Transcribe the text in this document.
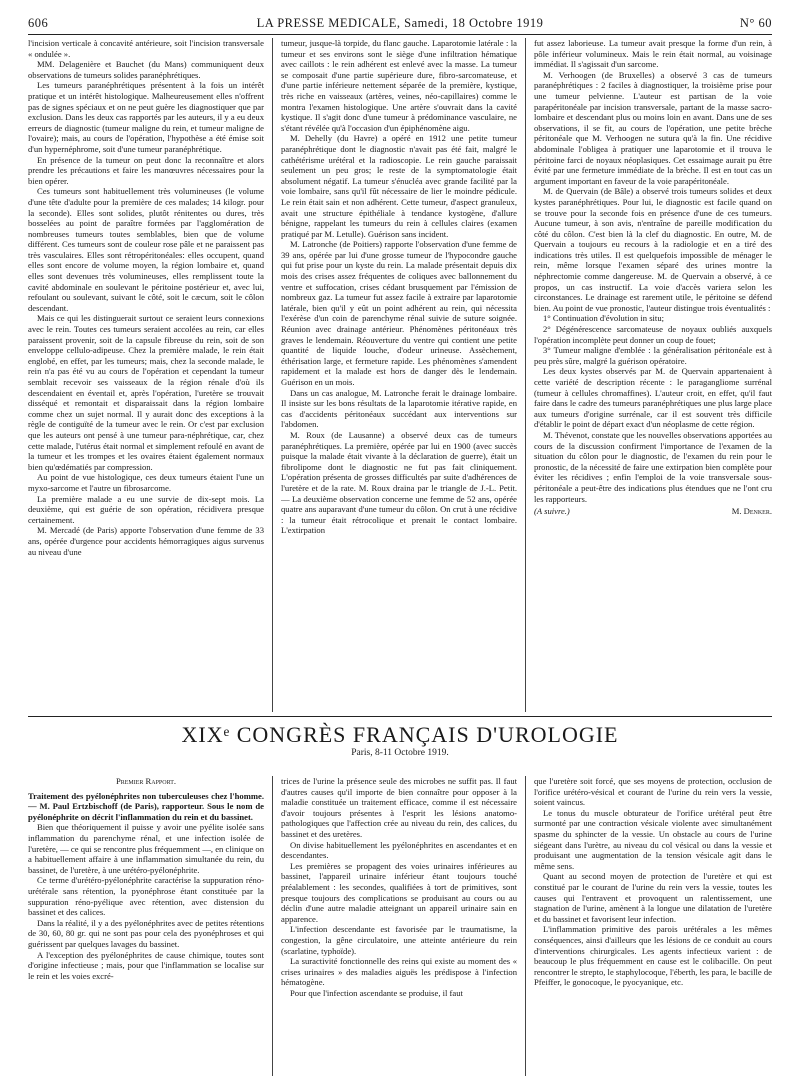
606	LA PRESSE MEDICALE, Samedi, 18 Octobre 1919	N° 60

l'incision verticale à concavité antérieure, soit l'incision transversale « ondulée ».

MM. Delagenière et Bauchet (du Mans) communiquent deux observations de tumeurs solides paranéphrétiques.

Les tumeurs paranéphrétiques présentent à la fois un intérêt pratique et un intérêt histologique. Malheureusement elles n'offrent pas de signes spéciaux et on ne peut guère les diagnostiquer que par exclusion. Dans les deux cas rapportés par les auteurs, il y a eu deux erreurs de diagnostic (tumeur maligne du rein, et tumeur maligne de l'ovaire); mais, au cours de l'opération, l'hypothèse a été émise soit d'un hypernéphrome, soit d'une tumeur paranéphrétique.

En présence de la tumeur on peut donc la reconnaître et alors prendre les précautions et faire les manœuvres nécessaires pour la bien opérer.

Ces tumeurs sont habituellement très volumineuses (le volume d'une tête d'adulte pour la première de ces malades; 14 kilogr. pour la seconde). Elles sont solides, plutôt rénitentes ou dures, très bosselées au point de paraître formées par l'agglomération de nombreuses tumeurs toutes semblables, bien que de volume différent. Ces tumeurs sont de couleur rose pâle et ne paraissent pas très vasculaires. Elles sont rétropéritonéales: elles occupent, quand elles sont encore de volume moyen, la région lombaire et, quand elles sont devenues très volumineuses, elles remplissent toute la cavité abdominale en soulevant le péritoine postérieur et, avec lui, refoulant ou soulevant, suivant le côté, soit le cæcum, soit le côlon descendant.

Mais ce qui les distinguerait surtout ce seraient leurs connexions avec le rein. Toutes ces tumeurs seraient accolées au rein, car elles paraissent provenir, soit de la capsule fibreuse du rein, soit de son enveloppe cellulo-adipeuse. Chez la première malade, le rein était englobé, en effet, par les tumeurs; mais, chez la seconde malade, le rein n'a pas été vu au cours de l'opération et cependant la tumeur semblait recevoir ses vaisseaux de la région rénale d'où ils descendaient en éventail et, après l'opération, l'uretère se trouvait disséqué et remontait et disparaissait dans la région lombaire comme chez un sujet normal. Il y aurait donc des exceptions à la règle de contiguïté de la tumeur avec le rein. Or c'est par exclusion que les auteurs ont pensé à une tumeur para-néphrétique, car, chez cette malade, l'utérus était normal et simplement refoulé en avant de la tumeur et les trompes et les ovaires étaient également normaux bien qu'œdématiés par compression.

Au point de vue histologique, ces deux tumeurs étaient l'une un myxo-sarcome et l'autre un fibrosarcome.

La première malade a eu une survie de dix-sept mois. La deuxième, qui est guérie de son opération, récidivera presque certainement.

M. Mercadé (de Paris) apporte l'observation d'une femme de 33 ans, opérée d'urgence pour accidents hémorragiques aigus survenus au niveau d'une

tumeur, jusque-là torpide, du flanc gauche. Laparotomie latérale : la tumeur et ses environs sont le siège d'une infiltration hématique avec caillots : le rein adhérent est enlevé avec la masse. La tumeur se composait d'une partie supérieure dure, fibro-sarcomateuse, et d'une partie inférieure nettement séparée de la première, kystique, très riche en vaisseaux (artères, veines, néo-capillaires) comme le montra l'examen histologique. Une artère s'ouvrait dans la cavité kystique. Il s'agit donc d'une tumeur à prédominance vasculaire, ne s'étant révélée qu'à l'occasion d'un épiphénomène aigu.

M. Dehelly (du Havre) a opéré en 1912 une petite tumeur paranéphrétique dont le diagnostic n'avait pas été fait, malgré le cathétérisme urétéral et la radioscopie. Le rein gauche paraissait seulement un peu gros; le reste de la symptomatologie était absolument négatif. La tumeur s'énucléa avec grande facilité par la voie lombaire, sans qu'il fût nécessaire de lier le moindre pédicule. Le rein était sain et non adhérent. Cette tumeur, d'aspect granuleux, avait une structure épithéliale à tendance kystogène, d'allure bénigne, rappelant les tumeurs du rein à cellules claires (examen pratiqué par M. Letulle). Guérison sans incident.

M. Latronche (de Poitiers) rapporte l'observation d'une femme de 39 ans, opérée par lui d'une grosse tumeur de l'hypocondre gauche qui fut prise pour un kyste du rein. La malade présentait depuis dix mois des crises assez fréquentes de coliques avec ballonnement du ventre et suffocation, crises cédant brusquement par l'émission de nombreux gaz. La tumeur fut assez facile à extraire par laparotomie latérale, bien qu'il y eût un point adhérent au rein, qui nécessita l'exérèse d'un coin de parenchyme rénal suivie de suture soignée. Réunion avec drainage antérieur. Phénomènes péritonéaux très graves le lendemain. Réouverture du ventre qui contient une petite quantité de liquide louche, d'odeur urineuse. Assèchement, éthérisation large, et fermeture rapide. Les phénomènes s'amendent rapidement et la malade est hors de danger dès le lendemain. Guérison en un mois.

Dans un cas analogue, M. Latronche ferait le drainage lombaire. Il insiste sur les bons résultats de la laparotomie itérative rapide, en cas d'accidents péritonéaux succédant aux interventions sur l'abdomen.

M. Roux (de Lausanne) a observé deux cas de tumeurs paranéphrétiques. La première, opérée par lui en 1900 (avec succès puisque la malade était vivante à la déclaration de guerre), était un fibrolipome dont le diagnostic ne fut pas fait cliniquement. L'opération présenta de grosses difficultés par suite d'adhérences de l'uretère et de la rate. M. Roux draina par le triangle de J.-L. Petit. — La deuxième observation concerne une femme de 52 ans, opérée quatre ans auparavant d'une tumeur du côlon. On crut à une récidive : la tumeur était rétrocolique et prenait le contact lombaire. L'extirpation

fut assez laborieuse. La tumeur avait presque la forme d'un rein, à pôle inférieur volumineux. Mais le rein était normal, au voisinage immédiat. Il s'agissait d'un sarcome.

M. Verhoogen (de Bruxelles) a observé 3 cas de tumeurs paranéphrétiques : 2 faciles à diagnostiquer, la troisième prise pour une tumeur pelvienne. L'auteur est partisan de la voie parapéritonéale par incision transversale, partant de la masse sacro-lombaire et descendant plus ou moins loin en avant. Dans une de ses observations, il se fit, au cours de l'opération, une petite brèche péritonéale que M. Verhoogen ne sutura qu'à la fin. Une récidive abdominale l'obligea à pratiquer une laparotomie et il trouva le péritoine farci de noyaux néoplasiques. Cet essaimage aurait pu être évité par une fermeture immédiate de la brèche. Il est en tout cas un argument important en faveur de la voie parapéritonéale.

M. de Quervain (de Bâle) a observé trois tumeurs solides et deux kystes paranéphrétiques. Pour lui, le diagnostic est facile quand on se trouve pour la seconde fois en présence d'une de ces tumeurs. Aucune tumeur, à son avis, n'entraîne de pareille modification du côté du côlon. C'est bien là la clef du diagnostic. En outre, M. de Quervain a toujours eu recours à la radiologie et en a tiré des indications très utiles. Il est quelquefois impossible de ménager le rein, même lorsque l'examen séparé des urines montre la néphrectomie comme dangereuse. M. de Quervain a observé, à ce propos, un cas instructif. La voie d'accès variera selon les circonstances. Le drainage est rarement utile, le péritoine se défend bien. Au point de vue pronostic, l'auteur distingue trois éventualités :

1° Continuation d'évolution in situ;

2° Dégénérescence sarcomateuse de noyaux oubliés auxquels l'opération incomplète peut donner un coup de fouet;

3° Tumeur maligne d'emblée : la généralisation péritonéale est à peu près sûre, malgré la guérison opératoire.

Les deux kystes observés par M. de Quervain appartenaient à cette variété de description récente : le paragangliome surrénal (tumeur à cellules chromaffines). L'auteur croit, en effet, qu'il faut faire dans le cadre des tumeurs paranéphrétiques une plus large place aux tumeurs d'origine surrénale, car il est souvent très difficile d'établir le point de départ exact d'un néoplasme de cette région.

M. Thévenot, constate que les nouvelles observations apportées au cours de la discussion confirment l'importance de l'examen de la situation du côlon pour le diagnostic, de l'examen du rein pour le pronostic, de la nécessité de faire une extirpation bien complète pour éviter les récidives ; enfin l'emploi de la voie transversale sous-péritonéale a peut-être des indications plus étendues que ne l'ont cru les rapporteurs.

(A suivre.)	M. Denker.
XIXᵉ CONGRÈS FRANÇAIS D'UROLOGIE
Paris, 8-11 Octobre 1919.

Premier Rapport.

Traitement des pyélonéphrites non tuberculeuses chez l'homme. — M. Paul Ertzbischoff (de Paris), rapporteur. Sous le nom de pyélonéphrite on décrit l'inflammation du rein et du bassinet.

Bien que théoriquement il puisse y avoir une pyélite isolée sans inflammation du parenchyme rénal, et une infection isolée de l'uretère, — ce qui se rencontre plus fréquemment —, en clinique on a habituellement affaire à une inflammation simultanée du rein, du bassinet, de l'uretère, à une urétéro-pyélonéphrite.

Ce terme d'urétéro-pyélonéphrite caractérise la suppuration réno-urétérale sans rétention, la pyonéphrose étant constituée par la suppuration réno-pyélique avec rétention, avec distension du bassinet et des calices.

Dans la réalité, il y a des pyélonéphrites avec de petites rétentions de 30, 60, 80 gr. qui ne sont pas pour cela des pyonéphroses et qui guérissent par quelques lavages du bassinet.

A l'exception des pyélonéphrites de cause chimique, toutes sont d'origine infectieuse ; mais, pour que l'inflammation se localise sur le rein et les voies excré-

trices de l'urine la présence seule des microbes ne suffit pas. Il faut d'autres causes qu'il importe de bien connaître pour opposer à la maladie constituée un traitement efficace, comme il est nécessaire d'avoir toujours présentes à l'esprit les lésions anatomo-pathologiques que l'affection crée au niveau du rein, des calices, du bassinet et des uretères.

On divise habituellement les pyélonéphrites en ascendantes et en descendantes.

Les premières se propagent des voies urinaires inférieures au bassinet, l'appareil urinaire inférieur étant toujours touché préalablement : les secondes, qualifiées à tort de primitives, sont presque toujours des complications se produisant au cours ou au déclin d'une autre maladie atteignant un appareil urinaire sain en apparence.

L'infection descendante est favorisée par le traumatisme, la congestion, la gêne circulatoire, une atteinte antérieure du rein (scarlatine, typhoïde).

La suractivité fonctionnelle des reins qui existe au moment des « crises urinaires » des maladies aiguës les prédispose à l'infection hématogène.

Pour que l'infection ascendante se produise, il faut

que l'uretère soit forcé, que ses moyens de protection, occlusion de l'orifice urétéro-vésical et courant de l'urine du rein vers la vessie, soient vaincus.

Le tonus du muscle obturateur de l'orifice urétéral peut être surmonté par une contraction vésicale violente avec simultanément spasme du sphincter de la vessie. Un obstacle au cours de l'urine siégeant dans l'urètre, au niveau du col vésical ou dans la vessie et produisant une augmentation de la tension vésicale agit dans le même sens.

Quant au second moyen de protection de l'uretère et qui est constitué par le courant de l'urine du rein vers la vessie, toutes les causes qui l'entravent et provoquent un ralentissement, une stagnation de l'urine, amènent à la longue une dilatation de l'uretère et du bassinet et favorisent leur infection.

L'inflammation primitive des parois urétérales a les mêmes conséquences, ainsi d'ailleurs que les lésions de ce conduit au cours d'interventions chirurgicales. Les agents infectieux varient : de beaucoup le plus fréquemment en cause est le colibacille. On peut rencontrer le strepto, le staphylocoque, l'éberth, les para, le bacille de Pfeiffer, le gonocoque, le pyocyanique, etc.
